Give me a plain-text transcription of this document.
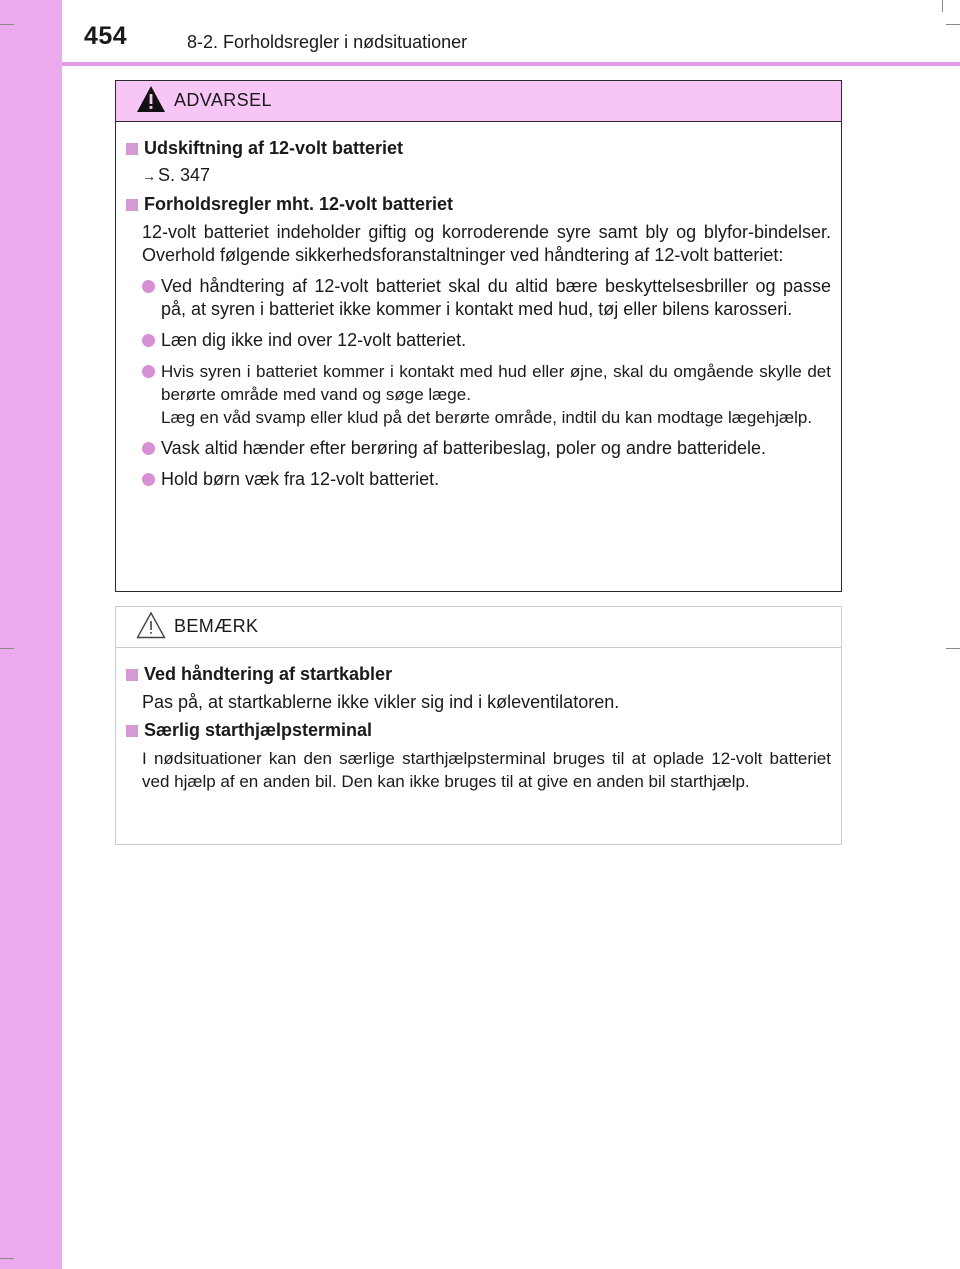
454	8-2. Forholdsregler i nødsituationer
ADVARSEL
Udskiftning af 12-volt batteriet
→ S. 347
Forholdsregler mht. 12-volt batteriet
12-volt batteriet indeholder giftig og korroderende syre samt bly og blyfor-bindelser. Overhold følgende sikkerhedsforanstaltninger ved håndtering af 12-volt batteriet:
Ved håndtering af 12-volt batteriet skal du altid bære beskyttelsesbriller og passe på, at syren i batteriet ikke kommer i kontakt med hud, tøj eller bilens karosseri.
Læn dig ikke ind over 12-volt batteriet.
Hvis syren i batteriet kommer i kontakt med hud eller øjne, skal du omgående skylle det berørte område med vand og søge læge.
Læg en våd svamp eller klud på det berørte område, indtil du kan modtage lægehjælp.
Vask altid hænder efter berøring af batteribeslag, poler og andre batteridele.
Hold børn væk fra 12-volt batteriet.
BEMÆRK
Ved håndtering af startkabler
Pas på, at startkablerne ikke vikler sig ind i køleventilatoren.
Særlig starthjælpsterminal
I nødsituationer kan den særlige starthjælpsterminal bruges til at oplade 12-volt batteriet ved hjælp af en anden bil. Den kan ikke bruges til at give en anden bil starthjælp.
